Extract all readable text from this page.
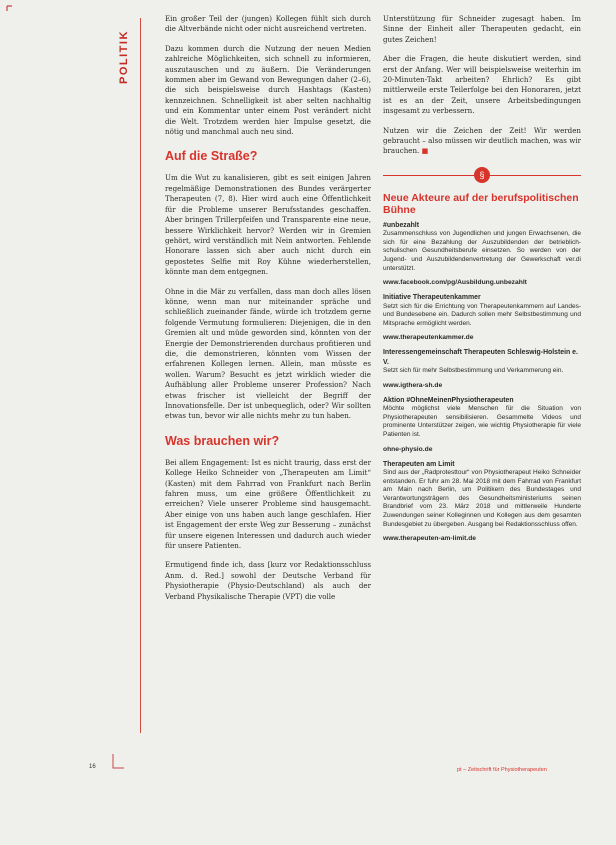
POLITIK

Ein großer Teil der (jungen) Kollegen fühlt sich durch die Altverbände nicht oder nicht ausreichend vertreten.

Dazu kommen durch die Nutzung der neuen Medien zahlreiche Möglichkeiten, sich schnell zu informieren, auszutauschen und zu äußern. Die Veränderungen kommen aber im Gewand von Bewegungen daher (2–6), die sich beispielsweise durch Hashtags (Kasten) kennzeichnen. Schnelligkeit ist aber selten nachhaltig und ein Kommentar unter einem Post verändert nicht die Welt. Trotzdem werden hier Impulse gesetzt, die nötig und manchmal auch neu sind.

Auf die Straße?

Um die Wut zu kanalisieren, gibt es seit einigen Jahren regelmäßige Demonstrationen des Bundes verärgerter Therapeuten (7, 8). Hier wird auch eine Öffentlichkeit für die Probleme unserer Berufsstandes geschaffen. Aber bringen Trillerpfeifen und Transparente eine neue, bessere Wirklichkeit hervor? Werden wir in Gremien gehört, wird verständlich mit Nein antworten. Fehlende Honorare lassen sich aber auch nicht durch ein gepostetes Selfie mit Roy Kühne wiederherstellen, könnte man dem entgegnen.

Ohne in die Mär zu verfallen, dass man doch alles lösen könne, wenn man nur miteinander spräche und schließlich zueinander fände, würde ich trotzdem gerne folgende Vermutung formulieren: Diejenigen, die in den Gremien alt und müde geworden sind, könnten von der Energie der Demonstrierenden durchaus profitieren und die, die demonstrieren, könnten vom Wissen der erfahrenen Kollegen lernen. Allein, man müsste es wollen. Warum? Besucht es jetzt wirklich wieder die Aufhäblung aller Probleme unserer Profession? Nach etwas frischer ist vielleicht der Begriff der Innovationsfelle. Der ist unbequeglich, oder? Wir sollten etwas tun, bevor wir alle nichts mehr zu tun haben.

Was brauchen wir?

Bei allem Engagement: Ist es nicht traurig, dass erst der Kollege Heiko Schneider von „Therapeuten am Limit“ (Kasten) mit dem Fahrrad von Frankfurt nach Berlin fahren muss, um eine größere Öffentlichkeit zu erreichen? Viele unserer Probleme sind hausgemacht. Aber einige von uns haben auch lange geschlafen. Hier ist Engagement der erste Weg zur Besserung – zunächst für unsere eigenen Interessen und dadurch auch wieder für unsere Patienten.

Ermutigend finde ich, dass [kurz vor Redaktionsschluss Anm. d. Red.] sowohl der Deutsche Verband für Physiotherapie (Physio-Deutschland) als auch der Verband Physikalische Therapie (VPT) die volle

Unterstützung für Schneider zugesagt haben. Im Sinne der Einheit aller Therapeuten gedacht, ein gutes Zeichen!

Aber die Fragen, die heute diskutiert werden, sind erst der Anfang. Wer will beispielsweise weiterhin im 20-Minuten-Takt arbeiten? Ehrlich? Es gibt mittlerweile erste Teilerfolge bei den Honoraren, jetzt ist es an der Zeit, unsere Arbeitsbedingungen insgesamt zu verbessern.

Nutzen wir die Zeichen der Zeit! Wir werden gebraucht – also müssen wir deutlich machen, was wir brauchen. ■

§
Neue Akteure auf der berufspolitischen Bühne

#unbezahlt

Zusammenschluss von Jugendlichen und jungen Erwachsenen, die sich für eine Bezahlung der Auszubildenden der betrieblich-schulischen Gesundheitsberufe einsetzen. So werden von der Jugend- und Auszubildendenvertretung der Gewerkschaft ver.di unterstützt.

www.facebook.com/pg/Ausbildung.unbezahlt

Initiative Therapeutenkammer

Setzt sich für die Errichtung von Therapeutenkammern auf Landes- und Bundesebene ein. Dadurch sollen mehr Selbstbestimmung und Mitsprache ermöglicht werden.

www.therapeutenkammer.de

Interessengemeinschaft Therapeuten Schleswig-Holstein e. V.

Setzt sich für mehr Selbstbestimmung und Verkammerung ein.

www.igthera-sh.de

Aktion #OhneMeinenPhysiotherapeuten

Möchte möglichst viele Menschen für die Situation von Physiotherapeuten sensibilisieren. Gesammelte Videos und prominente Unterstützer zeigen, wie wichtig Physiotherapie für viele Patienten ist.

ohne-physio.de

Therapeuten am Limit

Sind aus der „Radprotesttour“ von Physiotherapeut Heiko Schneider entstanden. Er fuhr am 28. Mai 2018 mit dem Fahrrad von Frankfurt am Main nach Berlin, um Politikern des Bundestages und Verantwortungsträgern des Gesundheitsministeriums seinen Brandbrief vom 23. März 2018 und mittlerweile Hunderte Zuwendungen seiner Kolleginnen und Kollegen aus dem gesamten Bundesgebiet zu übergeben. Ausgang bei Redaktionsschluss offen.

www.therapeuten-am-limit.de

16	pt – Zeitschrift für Physiotherapeuten
